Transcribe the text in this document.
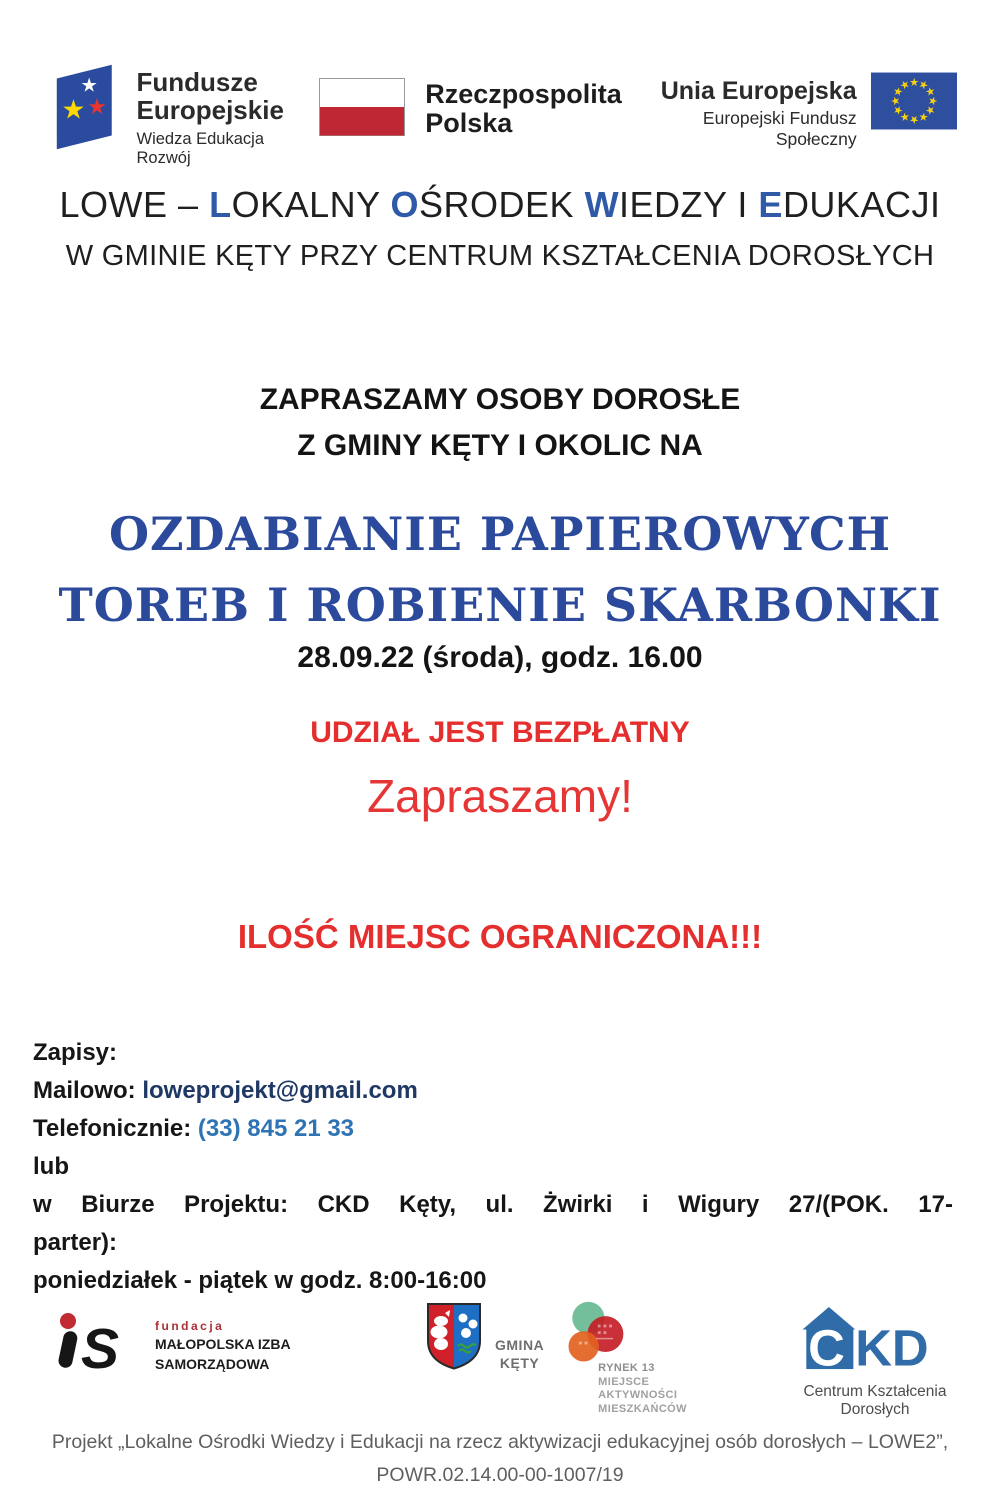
Fundusze
Europejskie
Wiedza Edukacja Rozwój
Rzeczpospolita
Polska
Unia Europejska
Europejski Fundusz Społeczny
LOWE – LOKALNY OŚRODEK WIEDZY I EDUKACJI
W GMINIE KĘTY PRZY CENTRUM KSZTAŁCENIA DOROSŁYCH
ZAPRASZAMY OSOBY DOROSŁE
Z GMINY KĘTY I OKOLIC NA
OZDABIANIE PAPIEROWYCH
TOREB I ROBIENIE SKARBONKI
28.09.22 (środa), godz. 16.00
UDZIAŁ JEST BEZPŁATNY
Zapraszamy!
ILOŚĆ MIEJSC OGRANICZONA!!!
Zapisy:
Mailowo: loweprojekt@gmail.com
Telefonicznie: (33) 845 21 33
lub
w Biurze Projektu: CKD Kęty, ul. Żwirki i Wigury 27/(POK. 17-
parter):
poniedziałek - piątek w godz. 8:00-16:00
S	fundacja
MAŁOPOLSKA IZBA
SAMORZĄDOWA
GMINA
KĘTY	RYNEK 13
MIEJSCE
AKTYWNOŚCI
MIESZKAŃCÓW
C KD
Centrum Kształcenia Dorosłych
Projekt „Lokalne Ośrodki Wiedzy i Edukacji na rzecz aktywizacji edukacyjnej osób dorosłych – LOWE2”,
POWR.02.14.00-00-1007/19
